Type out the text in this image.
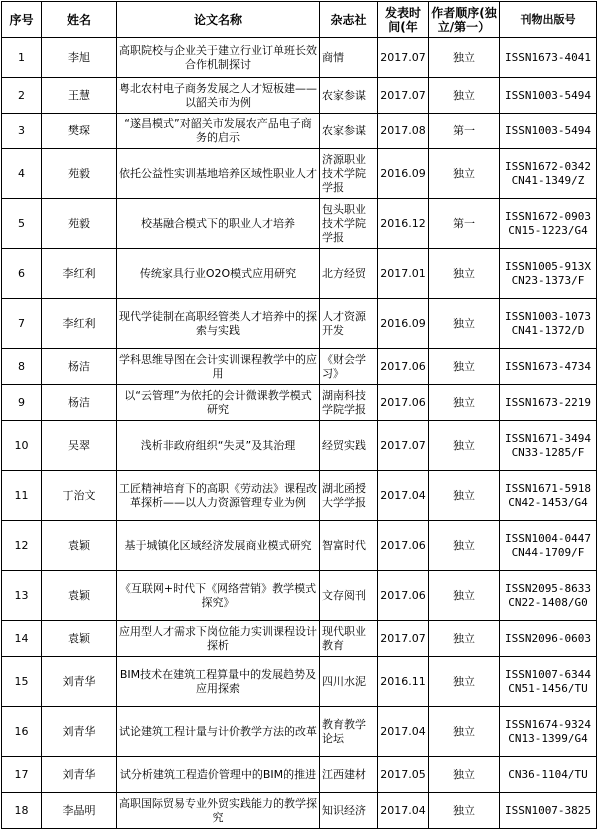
序号	姓名	论文名称	杂志社	发表时间(年	作者顺序(独立/第一）	刊物出版号
1	李旭	高职院校与企业关于建立行业订单班长效合作机制探讨	商情	2017.07	独立	ISSN1673-4041

2	王慧	粤北农村电子商务发展之人才短板建——以韶关市为例	农家参谋	2017.07	独立	ISSN1003-5494

3	樊琛	“遂昌模式”对韶关市发展农产品电子商务的启示	农家参谋	2017.08	第一	ISSN1003-5494

4	苑毅	依托公益性实训基地培养区域性职业人才	济源职业技术学院学报	2016.09	独立	ISSN1672-0342
CN41-1349/Z

5	苑毅	校基融合模式下的职业人才培养	包头职业技术学院学报	2016.12	第一	ISSN1672-0903
CN15-1223/G4

6	李红利	传统家具行业O2O模式应用研究	北方经贸	2017.01	独立	ISSN1005-913X
CN23-1373/F

7	李红利	现代学徒制在高职经管类人才培养中的探索与实践	人才资源开发	2016.09	独立	ISSN1003-1073
CN41-1372/D

8	杨洁	学科思维导图在会计实训课程教学中的应用	《财会学习》	2017.06	独立	ISSN1673-4734

9	杨洁	以“云管理”为依托的会计微课教学模式研究	湖南科技学院学报	2017.06	独立	ISSN1673-2219

10	吴翠	浅析非政府组织“失灵”及其治理	经贸实践	2017.07	独立	ISSN1671-3494
CN33-1285/F

11	丁治文	工匠精神培育下的高职《劳动法》课程改革探析——以人力资源管理专业为例	湖北函授大学学报	2017.04	独立	ISSN1671-5918
CN42-1453/G4

12	袁颖	基于城镇化区域经济发展商业模式研究	智富时代	2017.06	独立	ISSN1004-0447
CN44-1709/F

13	袁颖	《互联网+时代下《网络营销》教学模式探究》	文存阅刊	2017.06	独立	ISSN2095-8633
CN22-1408/G0

14	袁颖	应用型人才需求下岗位能力实训课程设计探析	现代职业教育	2017.07	独立	ISSN2096-0603

15	刘青华	BIM技术在建筑工程算量中的发展趋势及应用探索	四川水泥	2016.11	独立	ISSN1007-6344
CN51-1456/TU

16	刘青华	试论建筑工程计量与计价教学方法的改革	教育教学论坛	2017.04	独立	ISSN1674-9324
CN13-1399/G4

17	刘青华	试分析建筑工程造价管理中的BIM的推进	江西建材	2017.05	独立	CN36-1104/TU

18	李晶明	高职国际贸易专业外贸实践能力的教学探究	知识经济	2017.04	独立	ISSN1007-3825
